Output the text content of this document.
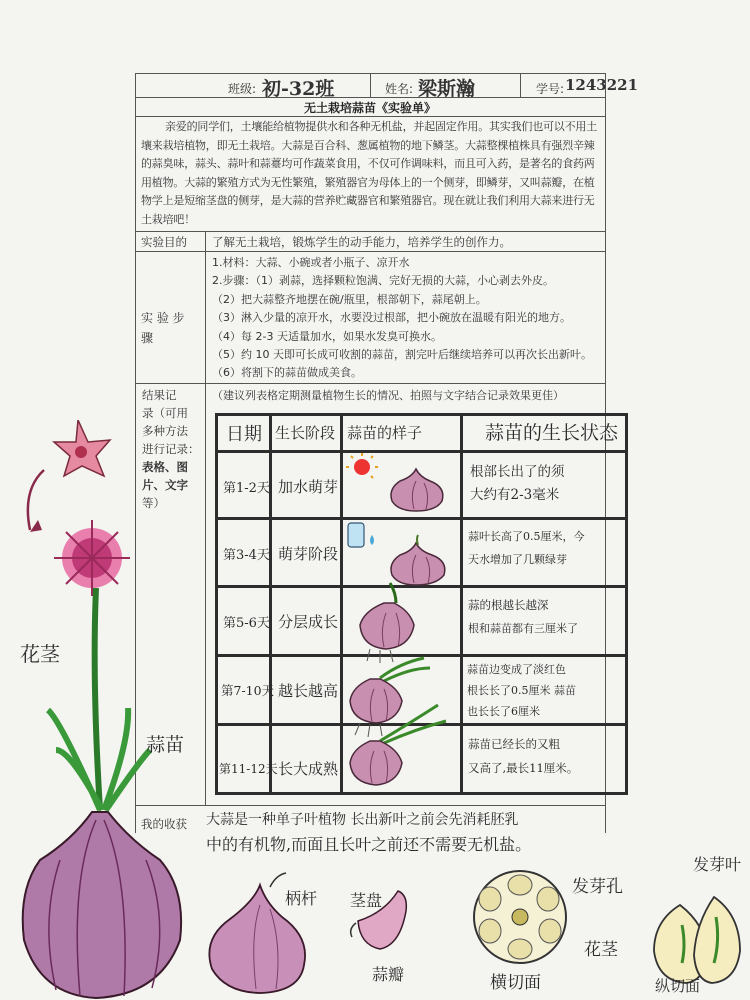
班级: 初-32班	姓名: 梁斯瀚	学号: 1243221
无土栽培蒜苗《实验单》
亲爱的同学们，土壤能给植物提供水和各种无机盐，并起固定作用。其实我们也可以不用土壤来栽培植物，即无土栽培。大蒜是百合科、葱属植物的地下鳞茎。大蒜整棵植株具有强烈辛辣的蒜臭味，蒜头、蒜叶和蒜薹均可作蔬菜食用，不仅可作调味料，而且可入药，是著名的食药两用植物。大蒜的繁殖方式为无性繁殖，繁殖器官为母体上的一个侧芽，即鳞芽，又叫蒜瓣，在植物学上是短缩茎盘的侧芽，是大蒜的营养贮藏器官和繁殖器官。现在就让我们利用大蒜来进行无土栽培吧！
实验目的 了解无土栽培，锻炼学生的动手能力，培养学生的创作力。
实 验 步 骤
1.材料：大蒜、小碗或者小瓶子、凉开水
2.步骤：（1）剥蒜，选择颗粒饱满、完好无损的大蒜，小心剥去外皮。
（2）把大蒜整齐地摆在碗/瓶里，根部朝下，蒜尾朝上。
（3）淋入少量的凉开水，水要没过根部，把小碗放在温暖有阳光的地方。
（4）每 2-3 天适量加水，如果水发臭可换水。
（5）约 10 天即可长成可收割的蒜苗，割完叶后继续培养可以再次长出新叶。
（6）将割下的蒜苗做成美食。
结果记
录（可用
多种方法
进行记录：
表格、图
片、文字
等）
（建议列表格定期测量植物生长的情况、拍照与文字结合记录效果更佳）
日期 生长阶段 蒜苗的样子	蒜苗的生长状态
第1-2天 加水萌芽
根部长出了的须
大约有2-3毫米
第3-4天 萌芽阶段
蒜叶长高了0.5厘米，今
天水增加了几颗绿芽
第5-6天 分层成长
蒜的根越长越深
根和蒜苗都有三厘米了
第7-10天 越长越高
蒜苗边变成了淡红色
根长长了0.5厘米 蒜苗
也长长了6厘米
第11-12天 长大成熟
蒜苗已经长的又粗
又高了,最长11厘米。
我的收获 大蒜是一种单子叶植物 长出新叶之前会先消耗胚乳
中的有机物,而面且长叶之前还不需要无机盐。
花茎
蒜苗
柄杆 茎盘
蒜瓣	横切面
发芽孔
花茎
发芽叶
纵切面
